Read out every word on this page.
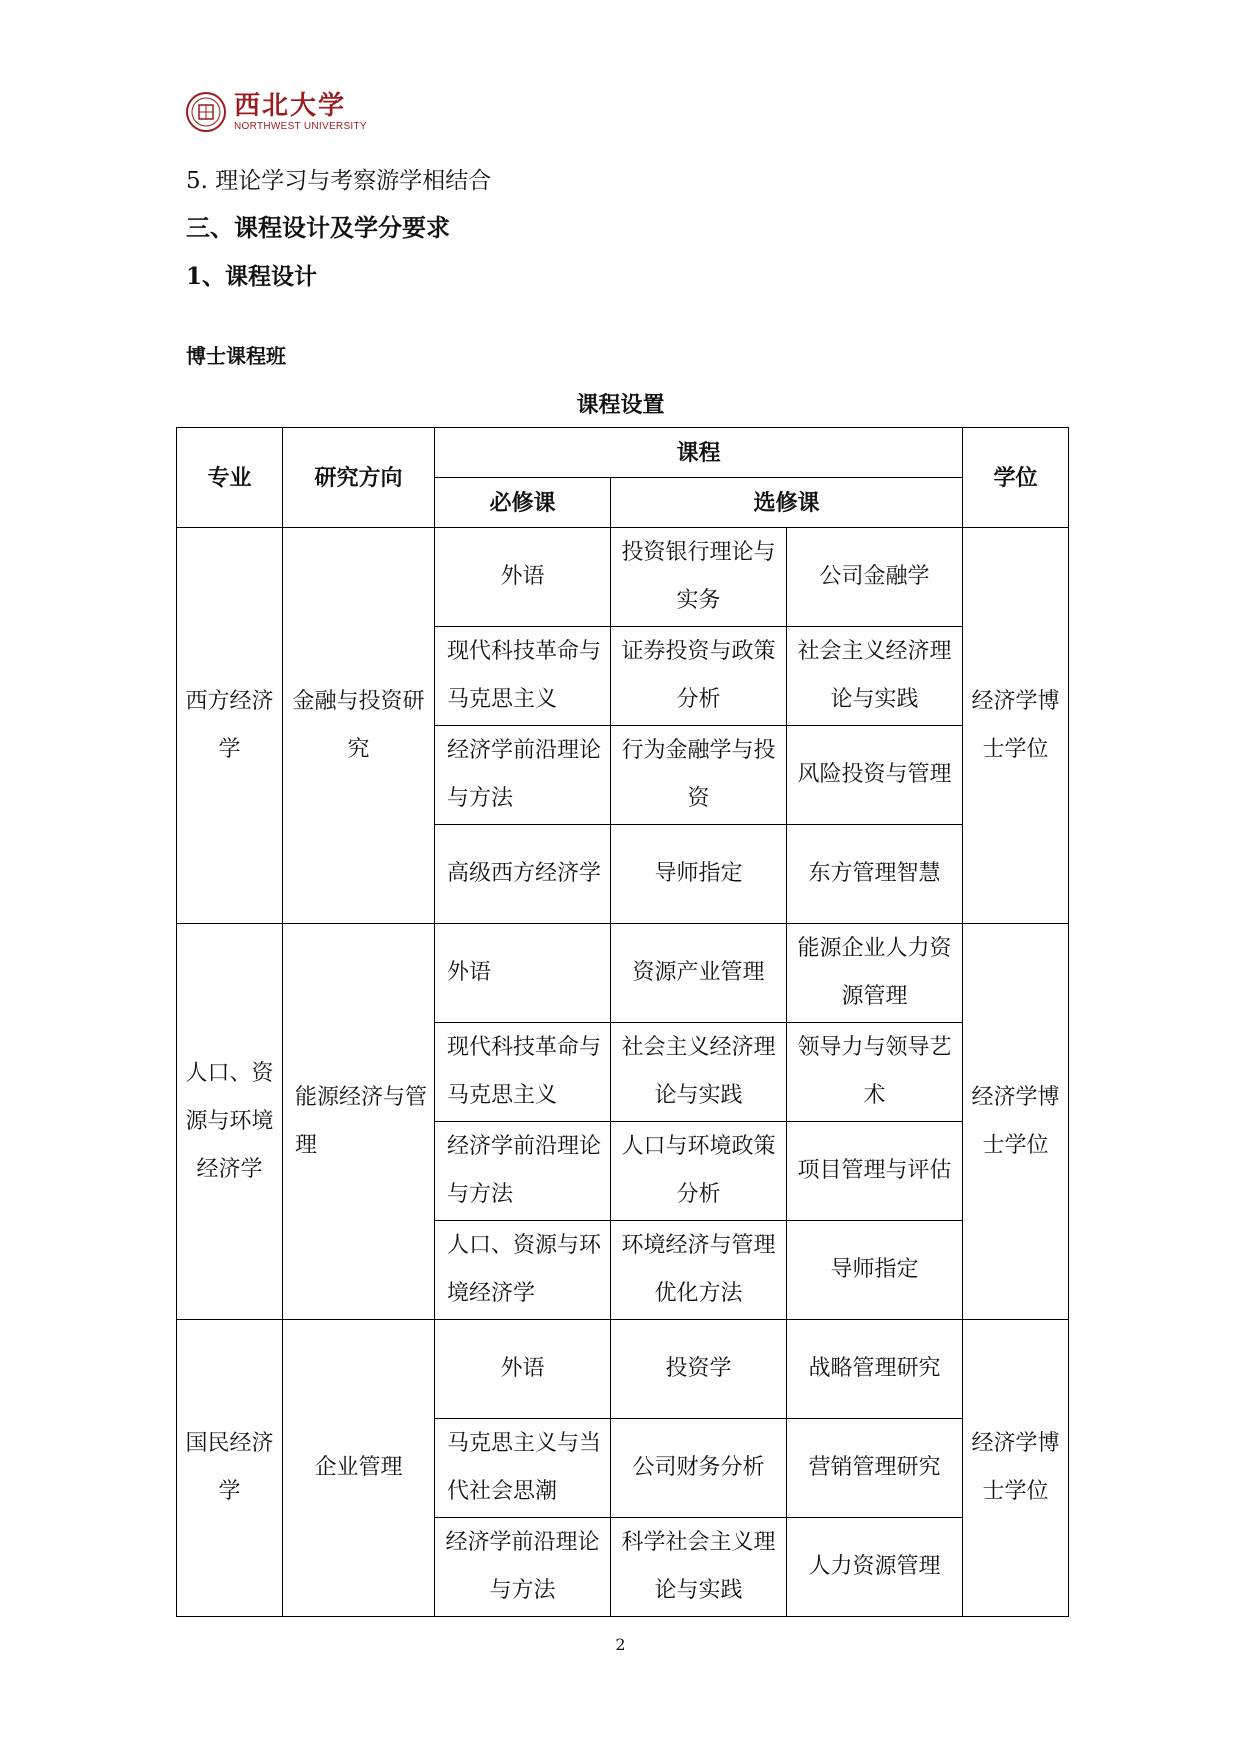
西北大学
NORTHWEST UNIVERSITY
5. 理论学习与考察游学相结合
三、课程设计及学分要求
1、课程设计
博士课程班
课程设置
专业	研究方向	课程			学位
		必修课	选修课		
西方经济学	金融与投资研究	外语	投资银行理论与实务	公司金融学	经济学博士学位
		现代科技革命与马克思主义	证券投资与政策分析	社会主义经济理论与实践	
		经济学前沿理论与方法	行为金融学与投资	风险投资与管理	
		高级西方经济学	导师指定	东方管理智慧	
人口、资源与环境经济学	能源经济与管理	外语	资源产业管理	能源企业人力资源管理	经济学博士学位
		现代科技革命与马克思主义	社会主义经济理论与实践	领导力与领导艺术	
		经济学前沿理论与方法	人口与环境政策分析	项目管理与评估	
		人口、资源与环境经济学	环境经济与管理优化方法	导师指定	
国民经济学	企业管理	外语	投资学	战略管理研究	经济学博士学位
		马克思主义与当代社会思潮	公司财务分析	营销管理研究	
		经济学前沿理论与方法	科学社会主义理论与实践	人力资源管理	
2
